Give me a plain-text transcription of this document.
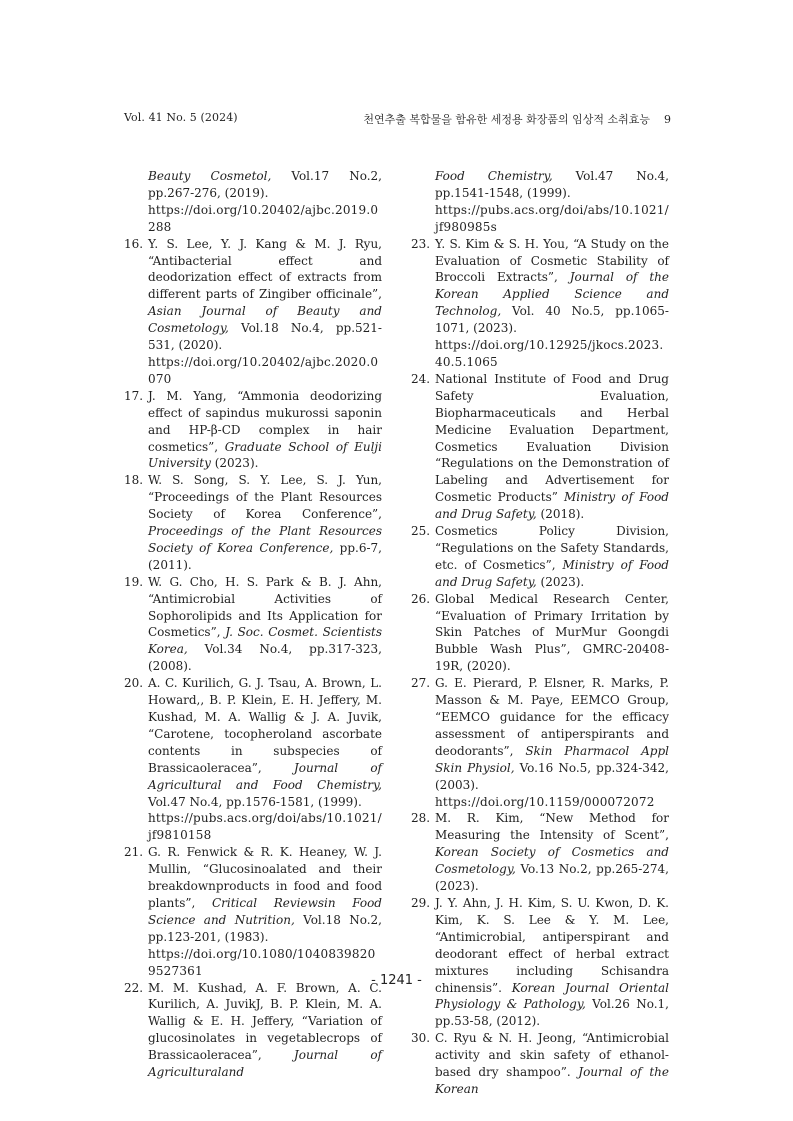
Vol. 41 No. 5 (2024)	천연추출 복합물을 함유한 세정용 화장품의 임상적 소취효능 9
Beauty Cosmetol, Vol.17 No.2, pp.267-276, (2019).
https://doi.org/10.20402/ajbc.2019.0288
16. Y. S. Lee, Y. J. Kang & M. J. Ryu, “Antibacterial effect and deodorization effect of extracts from different parts of Zingiber officinale”, Asian Journal of Beauty and Cosmetology, Vol.18 No.4, pp.521-531, (2020).
https://doi.org/10.20402/ajbc.2020.0070
17. J. M. Yang, “Ammonia deodorizing effect of sapindus mukurossi saponin and HP-β-CD complex in hair cosmetics”, Graduate School of Eulji University (2023).
18. W. S. Song, S. Y. Lee, S. J. Yun, “Proceedings of the Plant Resources Society of Korea Conference”, Proceedings of the Plant Resources Society of Korea Conference, pp.6-7, (2011).
19. W. G. Cho, H. S. Park & B. J. Ahn, “Antimicrobial Activities of Sophorolipids and Its Application for Cosmetics”, J. Soc. Cosmet. Scientists Korea, Vol.34 No.4, pp.317-323, (2008).
20. A. C. Kurilich, G. J. Tsau, A. Brown, L. Howard,, B. P. Klein, E. H. Jeffery, M. Kushad, M. A. Wallig & J. A. Juvik, “Carotene, tocopheroland ascorbate contents in subspecies of Brassicaoleracea”, Journal of Agricultural and Food Chemistry, Vol.47 No.4, pp.1576-1581, (1999).
https://pubs.acs.org/doi/abs/10.1021/jf9810158
21. G. R. Fenwick & R. K. Heaney, W. J. Mullin, “Glucosinoalated and their breakdownproducts in food and food plants”, Critical Reviewsin Food Science and Nutrition, Vol.18 No.2, pp.123-201, (1983).
https://doi.org/10.1080/10408398209527361
22. M. M. Kushad, A. F. Brown, A. C. Kurilich, A. JuvikJ, B. P. Klein, M. A. Wallig & E. H. Jeffery, “Variation of glucosinolates in vegetablecrops of Brassicaoleracea”, Journal of Agriculturaland
Food Chemistry, Vol.47 No.4, pp.1541-1548, (1999).
https://pubs.acs.org/doi/abs/10.1021/jf980985s
23. Y. S. Kim & S. H. You, “A Study on the Evaluation of Cosmetic Stability of Broccoli Extracts”, Journal of the Korean Applied Science and Technolog, Vol. 40 No.5, pp.1065-1071, (2023).
https://doi.org/10.12925/jkocs.2023.40.5.1065
24. National Institute of Food and Drug Safety Evaluation, Biopharmaceuticals and Herbal Medicine Evaluation Department, Cosmetics Evaluation Division “Regulations on the Demonstration of Labeling and Advertisement for Cosmetic Products” Ministry of Food and Drug Safety, (2018).
25. Cosmetics Policy Division, “Regulations on the Safety Standards, etc. of Cosmetics”, Ministry of Food and Drug Safety, (2023).
26. Global Medical Research Center, “Evaluation of Primary Irritation by Skin Patches of MurMur Goongdi Bubble Wash Plus”, GMRC-20408-19R, (2020).
27. G. E. Pierard, P. Elsner, R. Marks, P. Masson & M. Paye, EEMCO Group, “EEMCO guidance for the efficacy assessment of antiperspirants and deodorants”, Skin Pharmacol Appl Skin Physiol, Vo.16 No.5, pp.324-342, (2003).
https://doi.org/10.1159/000072072
28. M. R. Kim, “New Method for Measuring the Intensity of Scent”, Korean Society of Cosmetics and Cosmetology, Vo.13 No.2, pp.265-274, (2023).
29. J. Y. Ahn, J. H. Kim, S. U. Kwon, D. K. Kim, K. S. Lee & Y. M. Lee, “Antimicrobial, antiperspirant and deodorant effect of herbal extract mixtures including Schisandra chinensis”. Korean Journal Oriental Physiology & Pathology, Vol.26 No.1, pp.53-58, (2012).
30. C. Ryu & N. H. Jeong, “Antimicrobial activity and skin safety of ethanol-based dry shampoo”. Journal of the Korean
- 1241 -
